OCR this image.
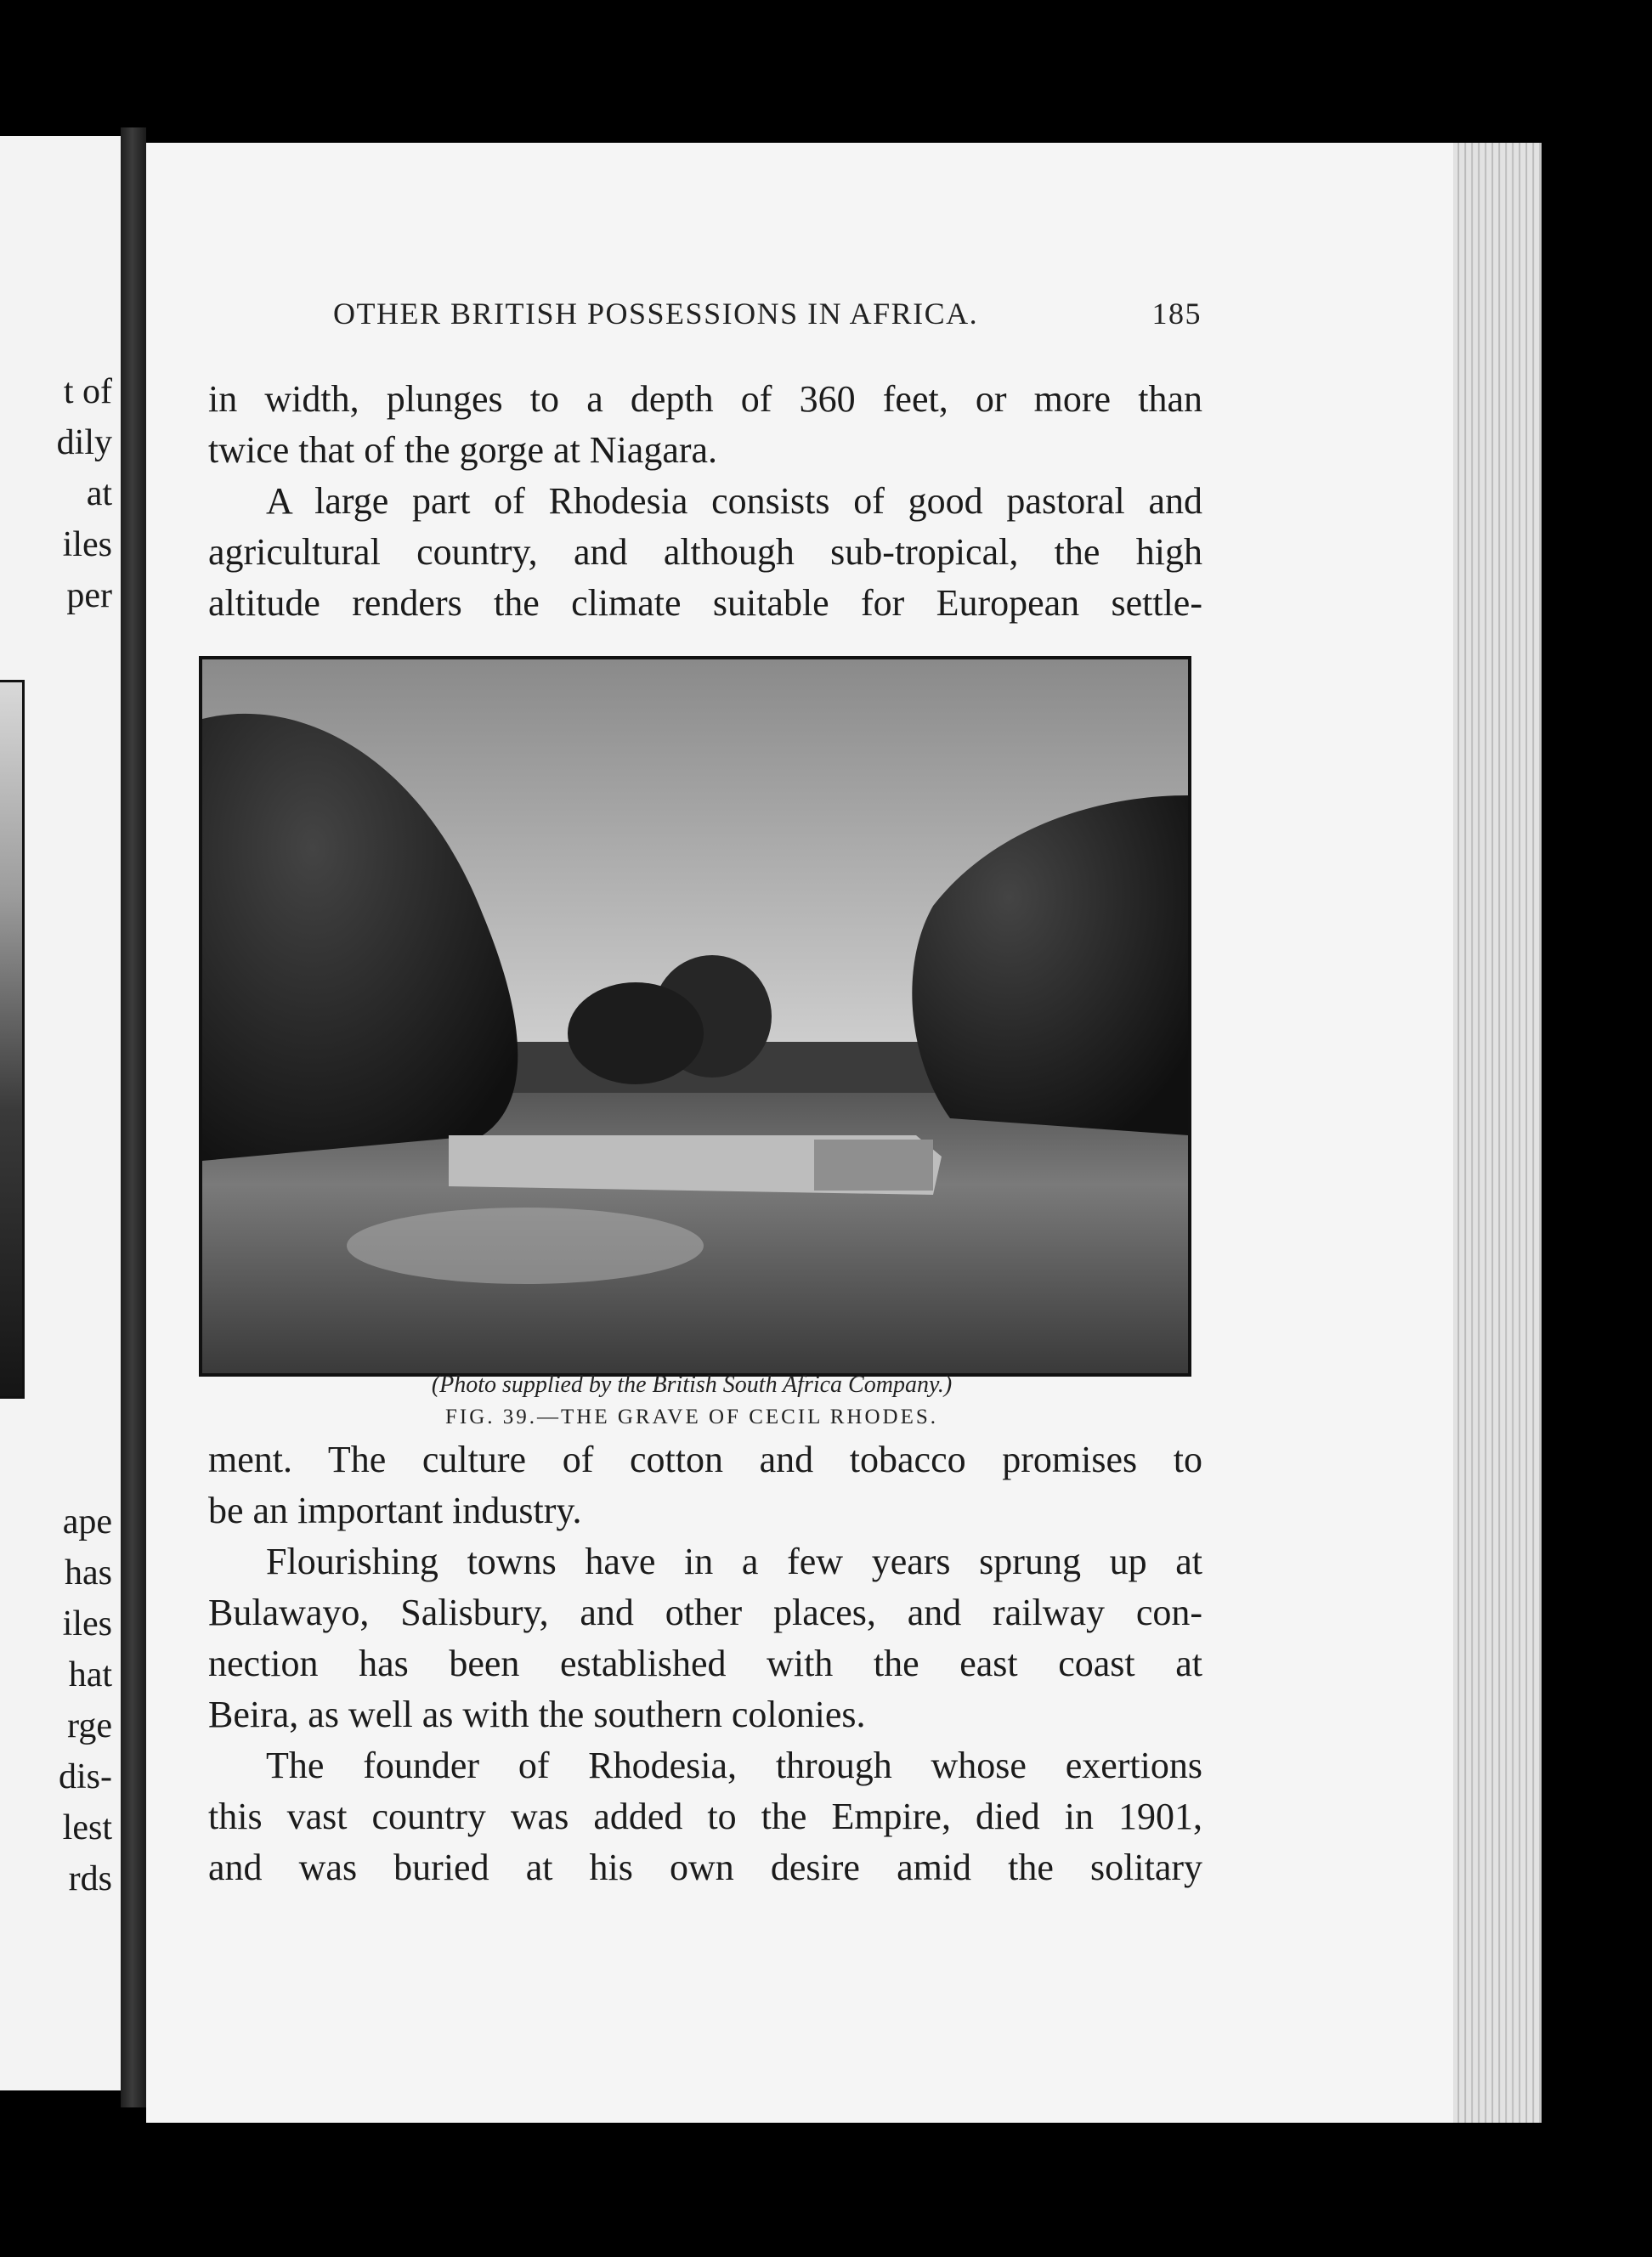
t of
dily
at
iles
per
ape
has
iles
hat
rge
dis-
lest
rds
OTHER BRITISH POSSESSIONS IN AFRICA.	185

in width, plunges to a depth of 360 feet, or more than

twice that of the gorge at Niagara.

A large part of Rhodesia consists of good pastoral and

agricultural country, and although sub-tropical, the high

altitude renders the climate suitable for European settle-

(Photo supplied by the British South Africa Company.)
FIG. 39.—THE GRAVE OF CECIL RHODES.

ment. The culture of cotton and tobacco promises to

be an important industry.

Flourishing towns have in a few years sprung up at

Bulawayo, Salisbury, and other places, and railway con-

nection has been established with the east coast at

Beira, as well as with the southern colonies.

The founder of Rhodesia, through whose exertions

this vast country was added to the Empire, died in 1901,

and was buried at his own desire amid the solitary
